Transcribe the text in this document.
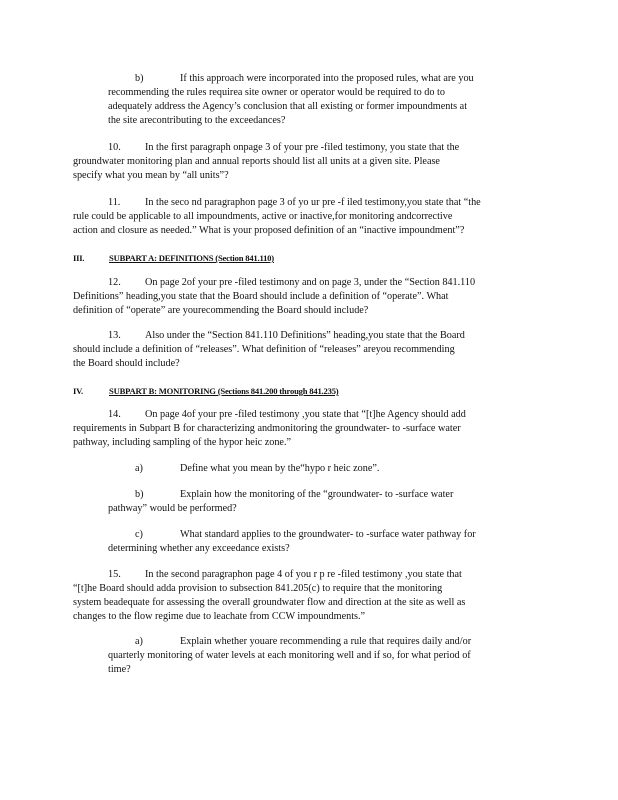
b)	If this approach were incorporated into the proposed rules, what are you
recommending the rules requirea site owner or operator would be required to do to
adequately address the Agency’s conclusion that all existing or former impoundments at
the site arecontributing to the exceedances?
10. In the first paragraph onpage 3 of your pre -filed testimony, you state that the
groundwater monitoring plan and annual reports should list all units at a given site. Please
specify what you mean by “all units”?
11. In the seco nd paragraphon page 3 of yo ur pre -f iled testimony,you state that “the
rule could be applicable to all impoundments, active or inactive,for monitoring andcorrective
action and closure as needed.” What is your proposed definition of an “inactive impoundment”?
III.	SUBPART A: DEFINITIONS (Section 841.110)
12. On page 2of your pre -filed testimony and on page 3, under the “Section 841.110
Definitions” heading,you state that the Board should include a definition of “operate”. What
definition of “operate” are yourecommending the Board should include?
13. Also under the “Section 841.110 Definitions” heading,you state that the Board
should include a definition of “releases”. What definition of “releases” areyou recommending
the Board should include?
IV.	SUBPART B: MONITORING (Sections 841.200 through 841.235)
14. On page 4of your pre -filed testimony ,you state that “[t]he Agency should add
requirements in Subpart B for characterizing andmonitoring the groundwater- to -surface water
pathway, including sampling of the hypor heic zone.”
a)	Define what you mean by the“hypo r heic zone”.
b)	Explain how the monitoring of the “groundwater- to -surface water
pathway” would be performed?
c)	What standard applies to the groundwater- to -surface water pathway for
determining whether any exceedance exists?
15. In the second paragraphon page 4 of you r p re -filed testimony ,you state that
“[t]he Board should adda provision to subsection 841.205(c) to require that the monitoring
system beadequate for assessing the overall groundwater flow and direction at the site as well as
changes to the flow regime due to leachate from CCW impoundments.”
a)	Explain whether youare recommending a rule that requires daily and/or
quarterly monitoring of water levels at each monitoring well and if so, for what period of
time?
